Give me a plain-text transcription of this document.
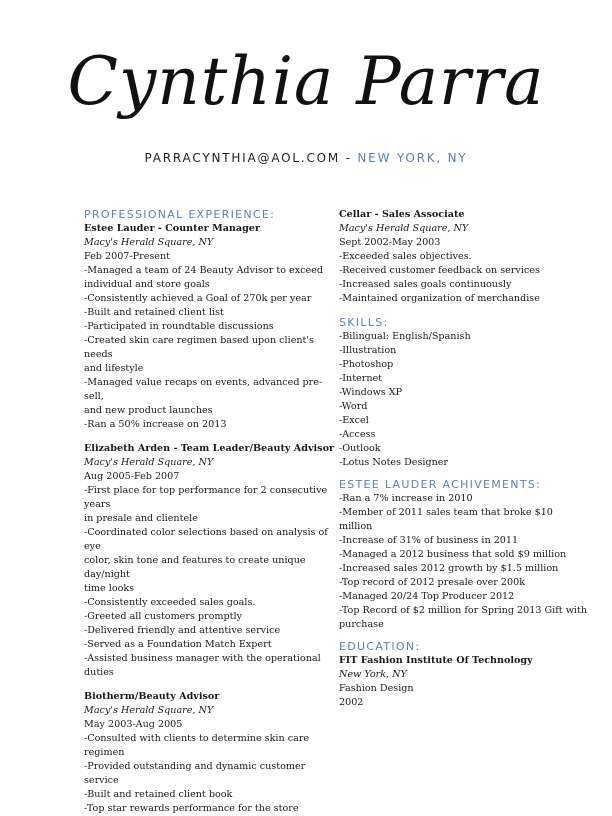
Cynthia Parra
PARRACYNTHIA@AOL.COM - NEW YORK, NY
PROFESSIONAL EXPERIENCE:
Estee Lauder - Counter Manager
Macy's Herald Square, NY
Feb 2007-Present
-Managed a team of 24 Beauty Advisor to exceed
individual and store goals
-Consistently achieved a Goal of 270k per year
-Built and retained client list
-Participated in roundtable discussions
-Created skin care regimen based upon client's needs
and lifestyle
-Managed value recaps on events, advanced pre-sell,
and new product launches
-Ran a 50% increase on 2013
Elizabeth Arden - Team Leader/Beauty Advisor
Macy's Herald Square, NY
Aug 2005-Feb 2007
-First place for top performance for 2 consecutive years
in presale and clientele
-Coordinated color selections based on analysis of eye
color, skin tone and features to create unique day/night
time looks
-Consistently exceeded sales goals.
-Greeted all customers promptly
-Delivered friendly and attentive service
-Served as a Foundation Match Expert
-Assisted business manager with the operational duties
Biotherm/Beauty Advisor
Macy's Herald Square, NY
May 2003-Aug 2005
-Consulted with clients to determine skin care regimen
-Provided outstanding and dynamic customer service
-Built and retained client book
-Top star rewards performance for the store
Cellar - Sales Associate
Macy's Herald Square, NY
Sept 2002-May 2003
-Exceeded sales objectives.
-Received customer feedback on services
-Increased sales goals continuously
-Maintained organization of merchandise
SKILLS:
-Bilingual: English/Spanish
-Illustration
-Photoshop
-Internet
-Windows XP
-Word
-Excel
-Access
-Outlook
-Lotus Notes Designer
ESTEE LAUDER ACHIVEMENTS:
-Ran a 7% increase in 2010
-Member of 2011 sales team that broke $10 million
-Increase of 31% of business in 2011
-Managed a 2012 business that sold $9 million
-Increased sales 2012 growth by $1.5 million
-Top record of 2012 presale over 200k
-Managed 20/24 Top Producer 2012
-Top Record of $2 million for Spring 2013 Gift with
purchase
EDUCATION:
FIT Fashion Institute Of Technology
New York, NY
Fashion Design
2002
